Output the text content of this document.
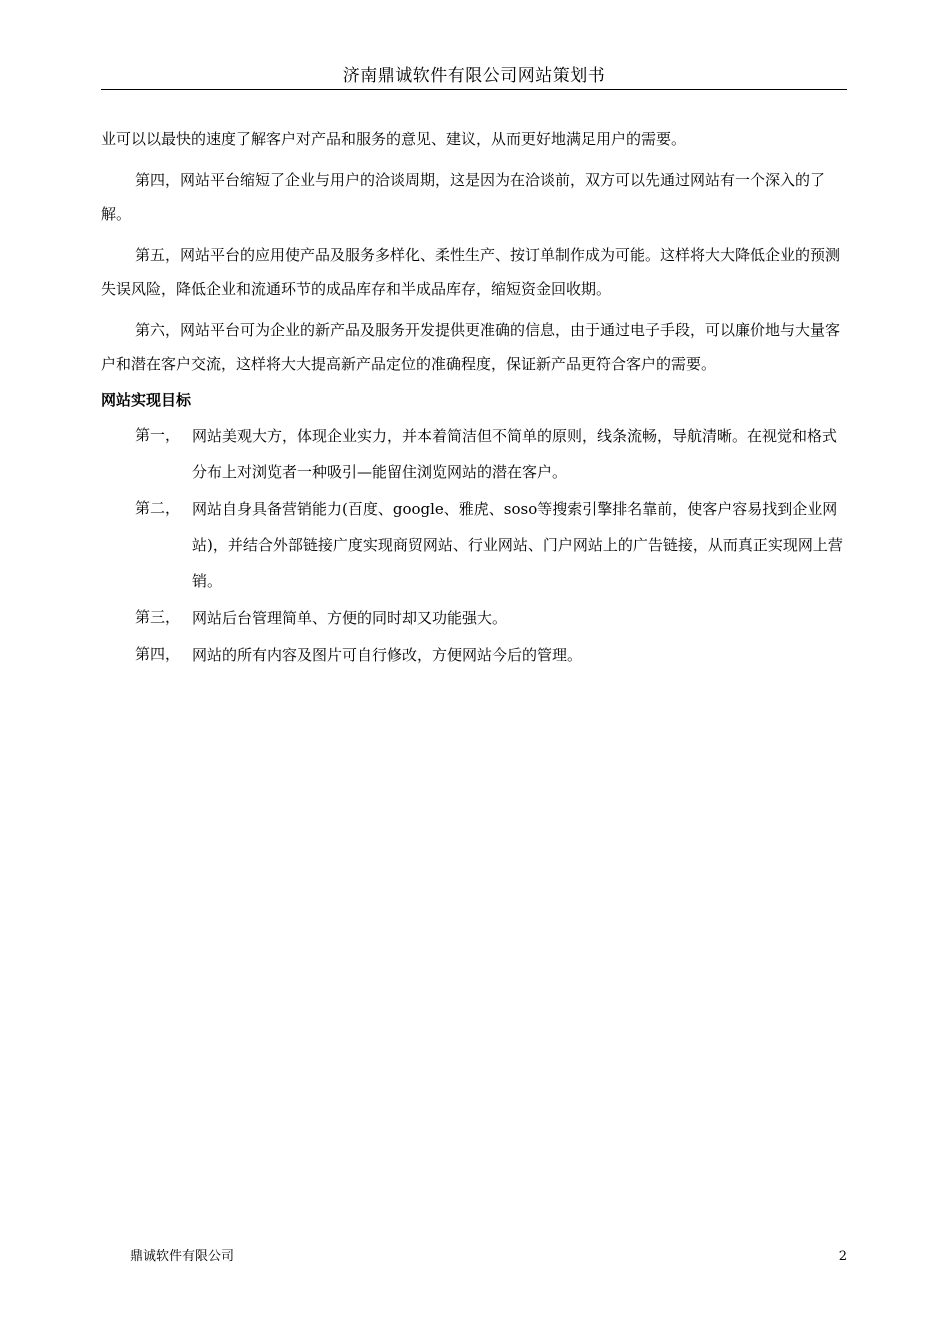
济南鼎诚软件有限公司网站策划书

业可以以最快的速度了解客户对产品和服务的意见、建议，从而更好地满足用户的需要。

第四，网站平台缩短了企业与用户的洽谈周期，这是因为在洽谈前，双方可以先通过网站有一个深入的了解。

第五，网站平台的应用使产品及服务多样化、柔性生产、按订单制作成为可能。这样将大大降低企业的预测失误风险，降低企业和流通环节的成品库存和半成品库存，缩短资金回收期。

第六，网站平台可为企业的新产品及服务开发提供更准确的信息，由于通过电子手段，可以廉价地与大量客户和潜在客户交流，这样将大大提高新产品定位的准确程度，保证新产品更符合客户的需要。

网站实现目标
第一， 网站美观大方，体现企业实力，并本着简洁但不简单的原则，线条流畅，导航清晰。在视觉和格式分布上对浏览者一种吸引—能留住浏览网站的潜在客户。

第二， 网站自身具备营销能力(百度、google、雅虎、soso等搜索引擎排名靠前，使客户容易找到企业网站)，并结合外部链接广度实现商贸网站、行业网站、门户网站上的广告链接，从而真正实现网上营销。

第三， 网站后台管理简单、方便的同时却又功能强大。

第四， 网站的所有内容及图片可自行修改，方便网站今后的管理。

鼎诚软件有限公司	2
